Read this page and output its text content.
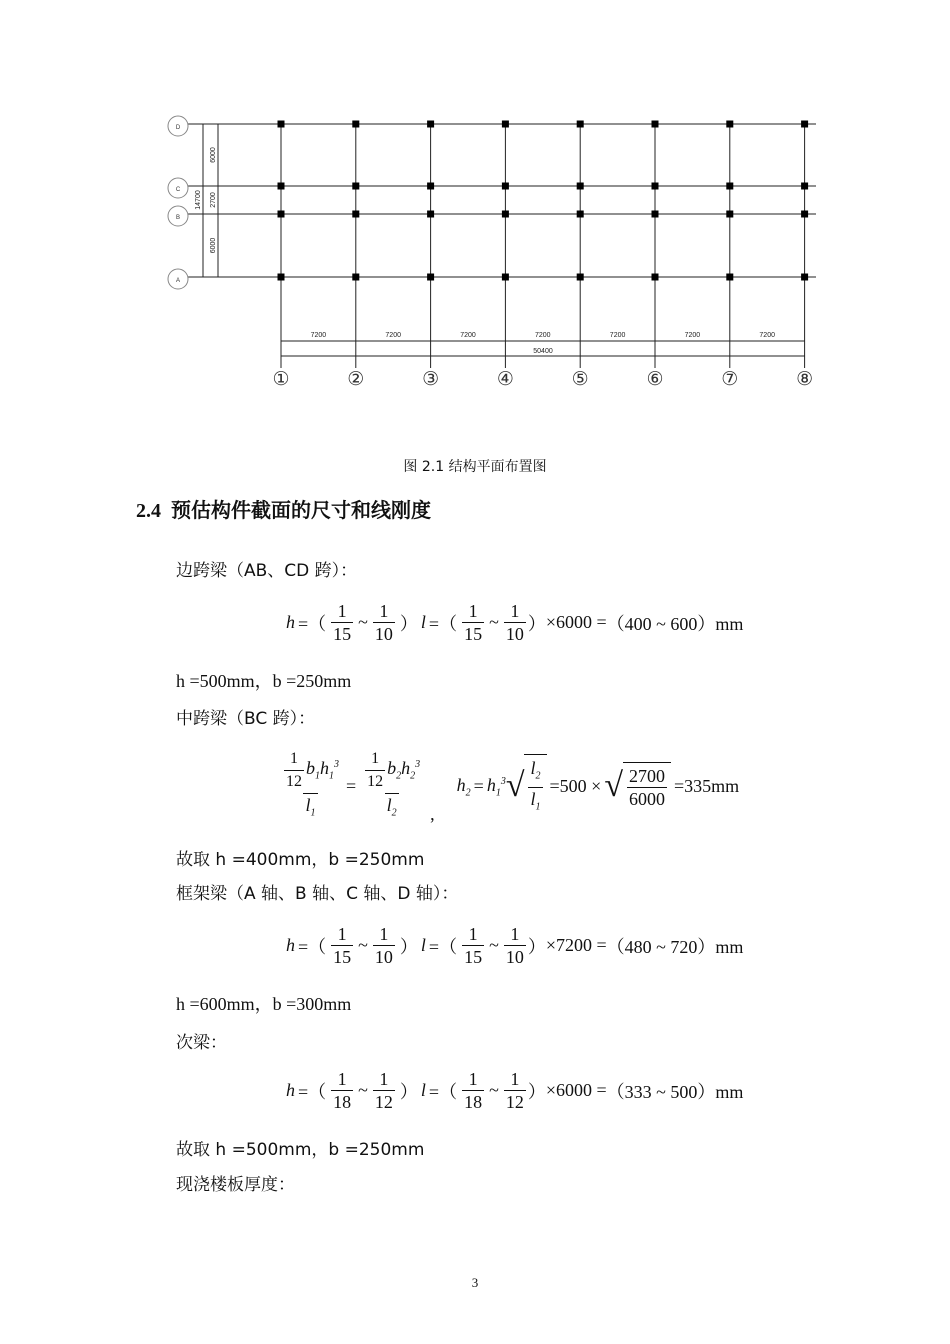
D
C
B
A
6000
2700
6000
14700
7200	7200	7200	7200	7200	7200	7200
50400
①	②	③	④	⑤	⑥	⑦	⑧
图 2.1 结构平面布置图
2.4 预估构件截面的尺寸和线刚度
边跨梁（AB、CD 跨）：
h =（ $\frac{1}{15}$ ~ $\frac{1}{10}$ ） l =（ $\frac{1}{15}$ ~ $\frac{1}{10}$ ） ×6000 = （400 ~ 600）mm
h =500mm，b =250mm
中跨梁（BC 跨）：
$\frac{\frac{1}{12} b_1h_1^3}{l_1} = \frac{\frac{1}{12} b_2h_2^3}{l_2}$ ,
$h_2 = h_1^3$ √ $\frac{l_2}{l_1} =500$ × √ $\frac{2700}{6000} =335mm$
故取 h =400mm，b =250mm
框架梁（A 轴、B 轴、C 轴、D 轴）：
h =（ $\frac{1}{15}$ ~ $\frac{1}{10}$ ） l =（ $\frac{1}{15}$ ~ $\frac{1}{10}$ ） ×7200 = （480 ~ 720）mm
h =600mm，b =300mm
次梁：
h =（ $\frac{1}{18}$ ~ $\frac{1}{12}$ ） l =（ $\frac{1}{18}$ ~ $\frac{1}{12}$ ） ×6000 = （333 ~ 500）mm
故取 h =500mm，b =250mm
现浇楼板厚度：
3
